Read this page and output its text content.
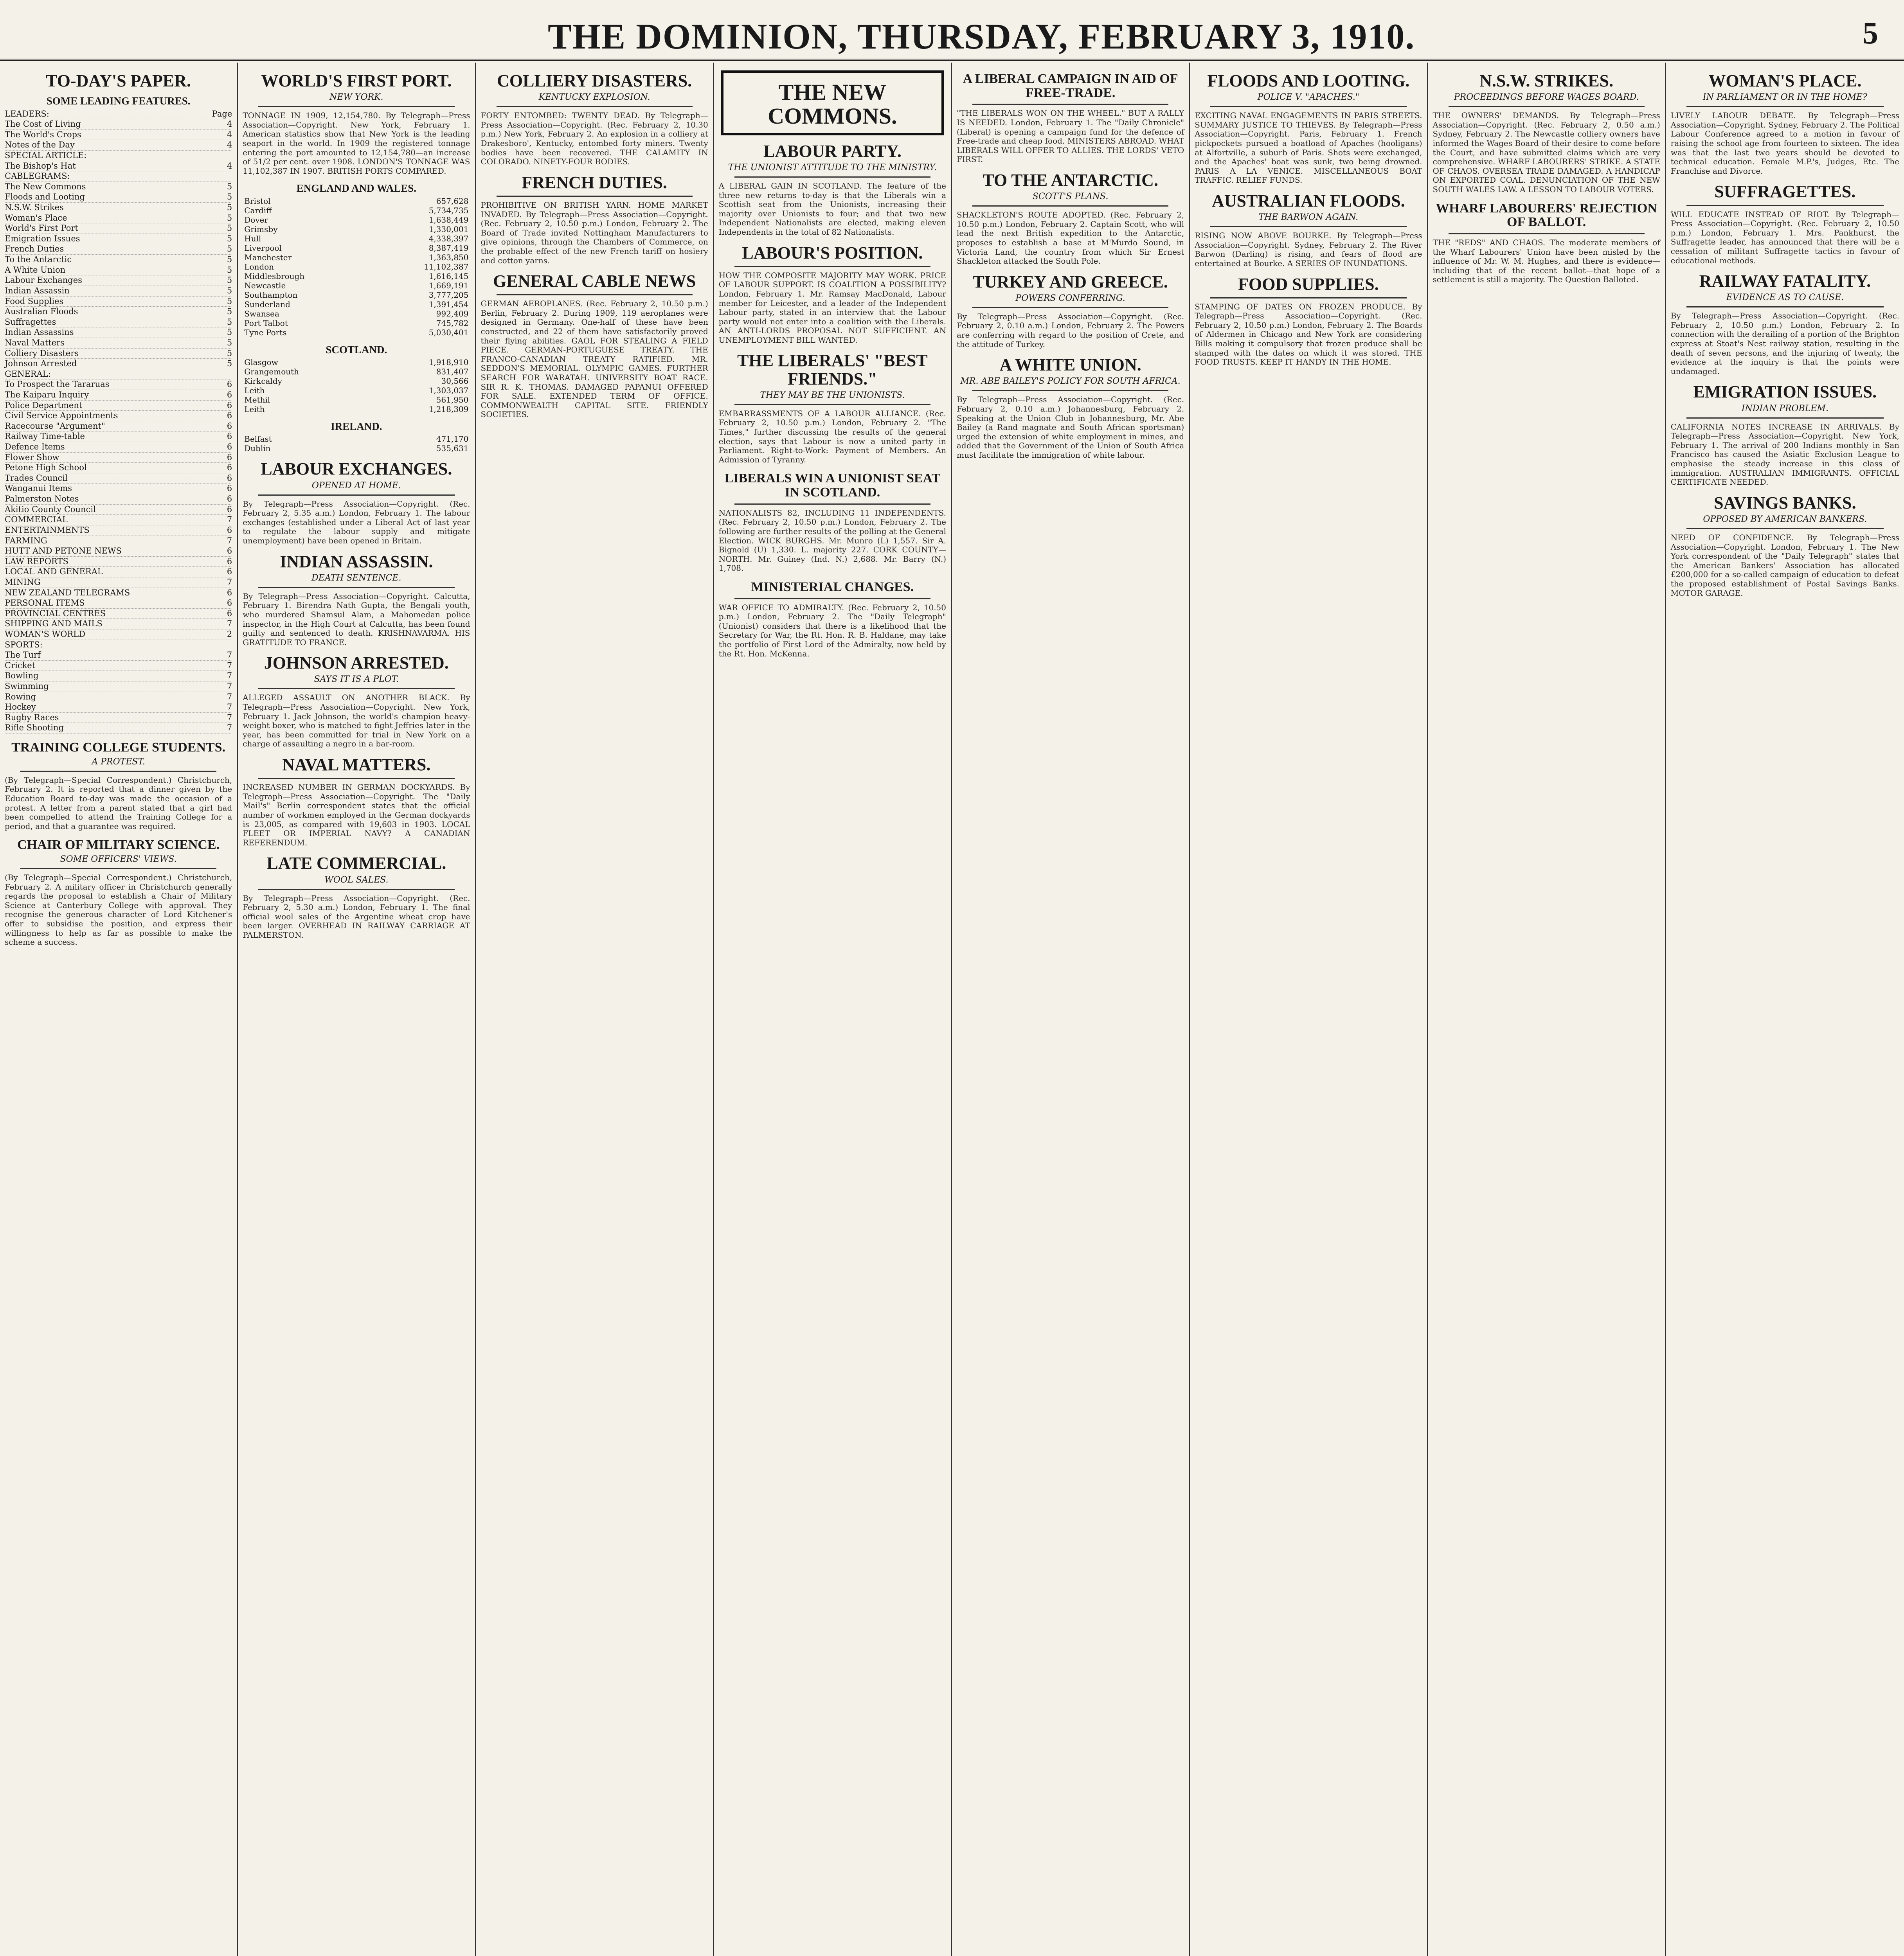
THE DOMINION, THURSDAY, FEBRUARY 3, 1910.	5
TO-DAY'S PAPER.
SOME LEADING FEATURES.
LEADERS:	Page
The Cost of Living	4
The World's Crops	4
Notes of the Day	4
SPECIAL ARTICLE:
The Bishop's Hat	4
CABLEGRAMS:
The New Commons	5
Floods and Looting	5
N.S.W. Strikes	5
Woman's Place	5
World's First Port	5
Emigration Issues	5
French Duties	5
To the Antarctic	5
A White Union	5
Labour Exchanges	5
Indian Assassin	5
Food Supplies	5
Australian Floods	5
Suffragettes	5
Indian Assassins	5
Naval Matters	5
Colliery Disasters	5
Johnson Arrested	5
GENERAL:
To Prospect the Tararuas	6
The Kaiparu Inquiry	6
Police Department	6
Civil Service Appointments	6
Racecourse "Argument"	6
Railway Time-table	6
Defence Items	6
Flower Show	6
Petone High School	6
Trades Council	6
Wanganui Items	6
Palmerston Notes	6
Akitio County Council	6
COMMERCIAL	7
ENTERTAINMENTS	6
FARMING	7
HUTT AND PETONE NEWS	6
LAW REPORTS	6
LOCAL AND GENERAL	6
MINING	7
NEW ZEALAND TELEGRAMS	6
PERSONAL ITEMS	6
PROVINCIAL CENTRES	6
SHIPPING AND MAILS	7
WOMAN'S WORLD	2
SPORTS:
The Turf	7
Cricket	7
Bowling	7
Swimming	7
Rowing	7
Hockey	7
Rugby Races	7
Rifle Shooting	7
TRAINING COLLEGE STUDENTS.
A PROTEST.
(By Telegraph—Special Correspondent.) Christchurch, February 2. It is reported that a dinner given by the Education Board to-day was made the occasion of a protest. A letter from a parent stated that a girl had been compelled to attend the Training College for a period, and that a guarantee was required.
CHAIR OF MILITARY SCIENCE.
SOME OFFICERS' VIEWS.
(By Telegraph—Special Correspondent.) Christchurch, February 2. A military officer in Christchurch generally regards the proposal to establish a Chair of Military Science at Canterbury College with approval. They recognise the generous character of Lord Kitchener's offer to subsidise the position, and express their willingness to help as far as possible to make the scheme a success.
WORLD'S FIRST PORT.
NEW YORK.
TONNAGE IN 1909, 12,154,780. By Telegraph—Press Association—Copyright. New York, February 1. American statistics show that New York is the leading seaport in the world. In 1909 the registered tonnage entering the port amounted to 12,154,780—an increase of 51/2 per cent. over 1908. LONDON'S TONNAGE WAS 11,102,387 IN 1907. BRITISH PORTS COMPARED.
ENGLAND AND WALES.
Bristol	657,628
Cardiff	5,734,735
Dover	1,638,449
Grimsby	1,330,001
Hull	4,338,397
Liverpool	8,387,419
Manchester	1,363,850
London	11,102,387
Middlesbrough	1,616,145
Newcastle	1,669,191
Southampton	3,777,205
Sunderland	1,391,454
Swansea	992,409
Port Talbot	745,782
Tyne Ports	5,030,401
SCOTLAND.
Glasgow	1,918,910
Grangemouth	831,407
Kirkcaldy	30,566
Leith	1,303,037
Methil	561,950
Leith	1,218,309
IRELAND.
Belfast	471,170
Dublin	535,631
LABOUR EXCHANGES.
OPENED AT HOME.
By Telegraph—Press Association—Copyright. (Rec. February 2, 5.35 a.m.) London, February 1. The labour exchanges (established under a Liberal Act of last year to regulate the labour supply and mitigate unemployment) have been opened in Britain.
INDIAN ASSASSIN.
DEATH SENTENCE.
By Telegraph—Press Association—Copyright. Calcutta, February 1. Birendra Nath Gupta, the Bengali youth, who murdered Shamsul Alam, a Mahomedan police inspector, in the High Court at Calcutta, has been found guilty and sentenced to death. KRISHNAVARMA. HIS GRATITUDE TO FRANCE.
JOHNSON ARRESTED.
SAYS IT IS A PLOT.
ALLEGED ASSAULT ON ANOTHER BLACK. By Telegraph—Press Association—Copyright. New York, February 1. Jack Johnson, the world's champion heavy-weight boxer, who is matched to fight Jeffries later in the year, has been committed for trial in New York on a charge of assaulting a negro in a bar-room.
NAVAL MATTERS.
INCREASED NUMBER IN GERMAN DOCKYARDS. By Telegraph—Press Association—Copyright. The "Daily Mail's" Berlin correspondent states that the official number of workmen employed in the German dockyards is 23,005, as compared with 19,603 in 1903. LOCAL FLEET OR IMPERIAL NAVY? A CANADIAN REFERENDUM.
LATE COMMERCIAL.
WOOL SALES.
By Telegraph—Press Association—Copyright. (Rec. February 2, 5.30 a.m.) London, February 1. The final official wool sales of the Argentine wheat crop have been larger. OVERHEAD IN RAILWAY CARRIAGE AT PALMERSTON.
COLLIERY DISASTERS.
KENTUCKY EXPLOSION.
FORTY ENTOMBED: TWENTY DEAD. By Telegraph—Press Association—Copyright. (Rec. February 2, 10.30 p.m.) New York, February 2. An explosion in a colliery at Drakesboro', Kentucky, entombed forty miners. Twenty bodies have been recovered. THE CALAMITY IN COLORADO. NINETY-FOUR BODIES.
FRENCH DUTIES.
PROHIBITIVE ON BRITISH YARN. HOME MARKET INVADED. By Telegraph—Press Association—Copyright. (Rec. February 2, 10.50 p.m.) London, February 2. The Board of Trade invited Nottingham Manufacturers to give opinions, through the Chambers of Commerce, on the probable effect of the new French tariff on hosiery and cotton yarns.
GENERAL CABLE NEWS
GERMAN AEROPLANES. (Rec. February 2, 10.50 p.m.) Berlin, February 2. During 1909, 119 aeroplanes were designed in Germany. One-half of these have been constructed, and 22 of them have satisfactorily proved their flying abilities. GAOL FOR STEALING A FIELD PIECE. GERMAN-PORTUGUESE TREATY. THE FRANCO-CANADIAN TREATY RATIFIED. MR. SEDDON'S MEMORIAL. OLYMPIC GAMES. FURTHER SEARCH FOR WARATAH. UNIVERSITY BOAT RACE. SIR R. K. THOMAS. DAMAGED PAPANUI OFFERED FOR SALE. EXTENDED TERM OF OFFICE. COMMONWEALTH CAPITAL SITE. FRIENDLY SOCIETIES.
THE NEW COMMONS.
LABOUR PARTY.
THE UNIONIST ATTITUDE TO THE MINISTRY.
A LIBERAL GAIN IN SCOTLAND. The feature of the three new returns to-day is that the Liberals win a Scottish seat from the Unionists, increasing their majority over Unionists to four; and that two new Independent Nationalists are elected, making eleven Independents in the total of 82 Nationalists.
LABOUR'S POSITION.
HOW THE COMPOSITE MAJORITY MAY WORK. PRICE OF LABOUR SUPPORT. IS COALITION A POSSIBILITY? London, February 1. Mr. Ramsay MacDonald, Labour member for Leicester, and a leader of the Independent Labour party, stated in an interview that the Labour party would not enter into a coalition with the Liberals. AN ANTI-LORDS PROPOSAL NOT SUFFICIENT. AN UNEMPLOYMENT BILL WANTED.
THE LIBERALS' "BEST FRIENDS."
THEY MAY BE THE UNIONISTS.
EMBARRASSMENTS OF A LABOUR ALLIANCE. (Rec. February 2, 10.50 p.m.) London, February 2. "The Times," further discussing the results of the general election, says that Labour is now a united party in Parliament. Right-to-Work: Payment of Members. An Admission of Tyranny.
LIBERALS WIN A UNIONIST SEAT IN SCOTLAND.
NATIONALISTS 82, INCLUDING 11 INDEPENDENTS. (Rec. February 2, 10.50 p.m.) London, February 2. The following are further results of the polling at the General Election. WICK BURGHS. Mr. Munro (L) 1,557. Sir A. Bignold (U) 1,330. L. majority 227. CORK COUNTY—NORTH. Mr. Guiney (Ind. N.) 2,688. Mr. Barry (N.) 1,708.
MINISTERIAL CHANGES.
WAR OFFICE TO ADMIRALTY. (Rec. February 2, 10.50 p.m.) London, February 2. The "Daily Telegraph" (Unionist) considers that there is a likelihood that the Secretary for War, the Rt. Hon. R. B. Haldane, may take the portfolio of First Lord of the Admiralty, now held by the Rt. Hon. McKenna.
A LIBERAL CAMPAIGN IN AID OF FREE-TRADE.
"THE LIBERALS WON ON THE WHEEL." BUT A RALLY IS NEEDED. London, February 1. The "Daily Chronicle" (Liberal) is opening a campaign fund for the defence of Free-trade and cheap food. MINISTERS ABROAD. WHAT LIBERALS WILL OFFER TO ALLIES. THE LORDS' VETO FIRST.
TO THE ANTARCTIC.
SCOTT'S PLANS.
SHACKLETON'S ROUTE ADOPTED. (Rec. February 2, 10.50 p.m.) London, February 2. Captain Scott, who will lead the next British expedition to the Antarctic, proposes to establish a base at M'Murdo Sound, in Victoria Land, the country from which Sir Ernest Shackleton attacked the South Pole.
TURKEY AND GREECE.
POWERS CONFERRING.
By Telegraph—Press Association—Copyright. (Rec. February 2, 0.10 a.m.) London, February 2. The Powers are conferring with regard to the position of Crete, and the attitude of Turkey.
A WHITE UNION.
MR. ABE BAILEY'S POLICY FOR SOUTH AFRICA.
By Telegraph—Press Association—Copyright. (Rec. February 2, 0.10 a.m.) Johannesburg, February 2. Speaking at the Union Club in Johannesburg, Mr. Abe Bailey (a Rand magnate and South African sportsman) urged the extension of white employment in mines, and added that the Government of the Union of South Africa must facilitate the immigration of white labour.
FLOODS AND LOOTING.
POLICE V. "APACHES."
EXCITING NAVAL ENGAGEMENTS IN PARIS STREETS. SUMMARY JUSTICE TO THIEVES. By Telegraph—Press Association—Copyright. Paris, February 1. French pickpockets pursued a boatload of Apaches (hooligans) at Alfortville, a suburb of Paris. Shots were exchanged, and the Apaches' boat was sunk, two being drowned. PARIS A LA VENICE. MISCELLANEOUS BOAT TRAFFIC. RELIEF FUNDS.
AUSTRALIAN FLOODS.
THE BARWON AGAIN.
RISING NOW ABOVE BOURKE. By Telegraph—Press Association—Copyright. Sydney, February 2. The River Barwon (Darling) is rising, and fears of flood are entertained at Bourke. A SERIES OF INUNDATIONS.
FOOD SUPPLIES.
STAMPING OF DATES ON FROZEN PRODUCE. By Telegraph—Press Association—Copyright. (Rec. February 2, 10.50 p.m.) London, February 2. The Boards of Aldermen in Chicago and New York are considering Bills making it compulsory that frozen produce shall be stamped with the dates on which it was stored. THE FOOD TRUSTS. KEEP IT HANDY IN THE HOME.
N.S.W. STRIKES.
PROCEEDINGS BEFORE WAGES BOARD.
THE OWNERS' DEMANDS. By Telegraph—Press Association—Copyright. (Rec. February 2, 0.50 a.m.) Sydney, February 2. The Newcastle colliery owners have informed the Wages Board of their desire to come before the Court, and have submitted claims which are very comprehensive. WHARF LABOURERS' STRIKE. A STATE OF CHAOS. OVERSEA TRADE DAMAGED. A HANDICAP ON EXPORTED COAL. DENUNCIATION OF THE NEW SOUTH WALES LAW. A LESSON TO LABOUR VOTERS.
WHARF LABOURERS' REJECTION OF BALLOT.
THE "REDS" AND CHAOS. The moderate members of the Wharf Labourers' Union have been misled by the influence of Mr. W. M. Hughes, and there is evidence—including that of the recent ballot—that hope of a settlement is still a majority. The Question Balloted.
WOMAN'S PLACE.
IN PARLIAMENT OR IN THE HOME?
LIVELY LABOUR DEBATE. By Telegraph—Press Association—Copyright. Sydney, February 2. The Political Labour Conference agreed to a motion in favour of raising the school age from fourteen to sixteen. The idea was that the last two years should be devoted to technical education. Female M.P.'s, Judges, Etc. The Franchise and Divorce.
SUFFRAGETTES.
WILL EDUCATE INSTEAD OF RIOT. By Telegraph—Press Association—Copyright. (Rec. February 2, 10.50 p.m.) London, February 1. Mrs. Pankhurst, the Suffragette leader, has announced that there will be a cessation of militant Suffragette tactics in favour of educational methods.
RAILWAY FATALITY.
EVIDENCE AS TO CAUSE.
By Telegraph—Press Association—Copyright. (Rec. February 2, 10.50 p.m.) London, February 2. In connection with the derailing of a portion of the Brighton express at Stoat's Nest railway station, resulting in the death of seven persons, and the injuring of twenty, the evidence at the inquiry is that the points were undamaged.
EMIGRATION ISSUES.
INDIAN PROBLEM.
CALIFORNIA NOTES INCREASE IN ARRIVALS. By Telegraph—Press Association—Copyright. New York, February 1. The arrival of 200 Indians monthly in San Francisco has caused the Asiatic Exclusion League to emphasise the steady increase in this class of immigration. AUSTRALIAN IMMIGRANTS. OFFICIAL CERTIFICATE NEEDED.
SAVINGS BANKS.
OPPOSED BY AMERICAN BANKERS.
NEED OF CONFIDENCE. By Telegraph—Press Association—Copyright. London, February 1. The New York correspondent of the "Daily Telegraph" states that the American Bankers' Association has allocated £200,000 for a so-called campaign of education to defeat the proposed establishment of Postal Savings Banks. MOTOR GARAGE.
